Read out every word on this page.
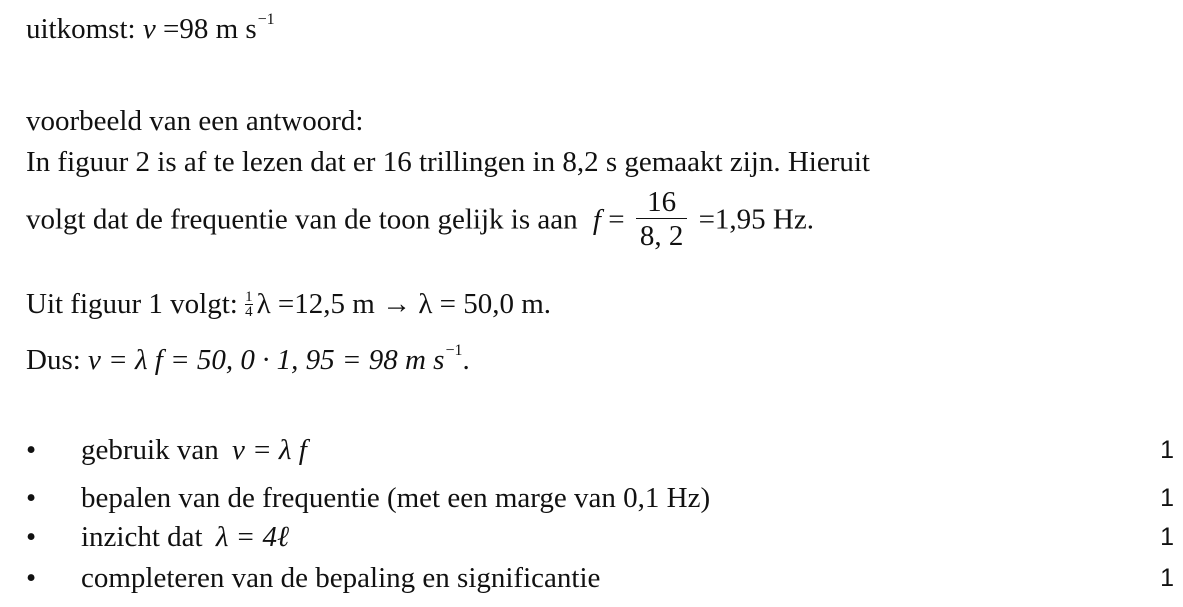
uitkomst: v =98 m $s^{-1}$
voorbeeld van een antwoord:
In figuur 2 is af te lezen dat er 16 trillingen in 8,2 s gemaakt zijn. Hieruit
volgt dat de frequentie van de toon gelijk is aan $f = \frac{16}{8, 2} =1,95$ Hz.
Uit figuur 1 volgt: $\frac{1}{4}$ λ =12,5 m → λ = 50,0 m.
Dus: v = λ f = 50, 0 · 1, 95 = 98 m $s^{-1}$.
• gebruik van v = λ f	1
• bepalen van de frequentie (met een marge van 0,1 Hz)	1
• inzicht dat λ = 4ℓ	1
• completeren van de bepaling en significantie	1
